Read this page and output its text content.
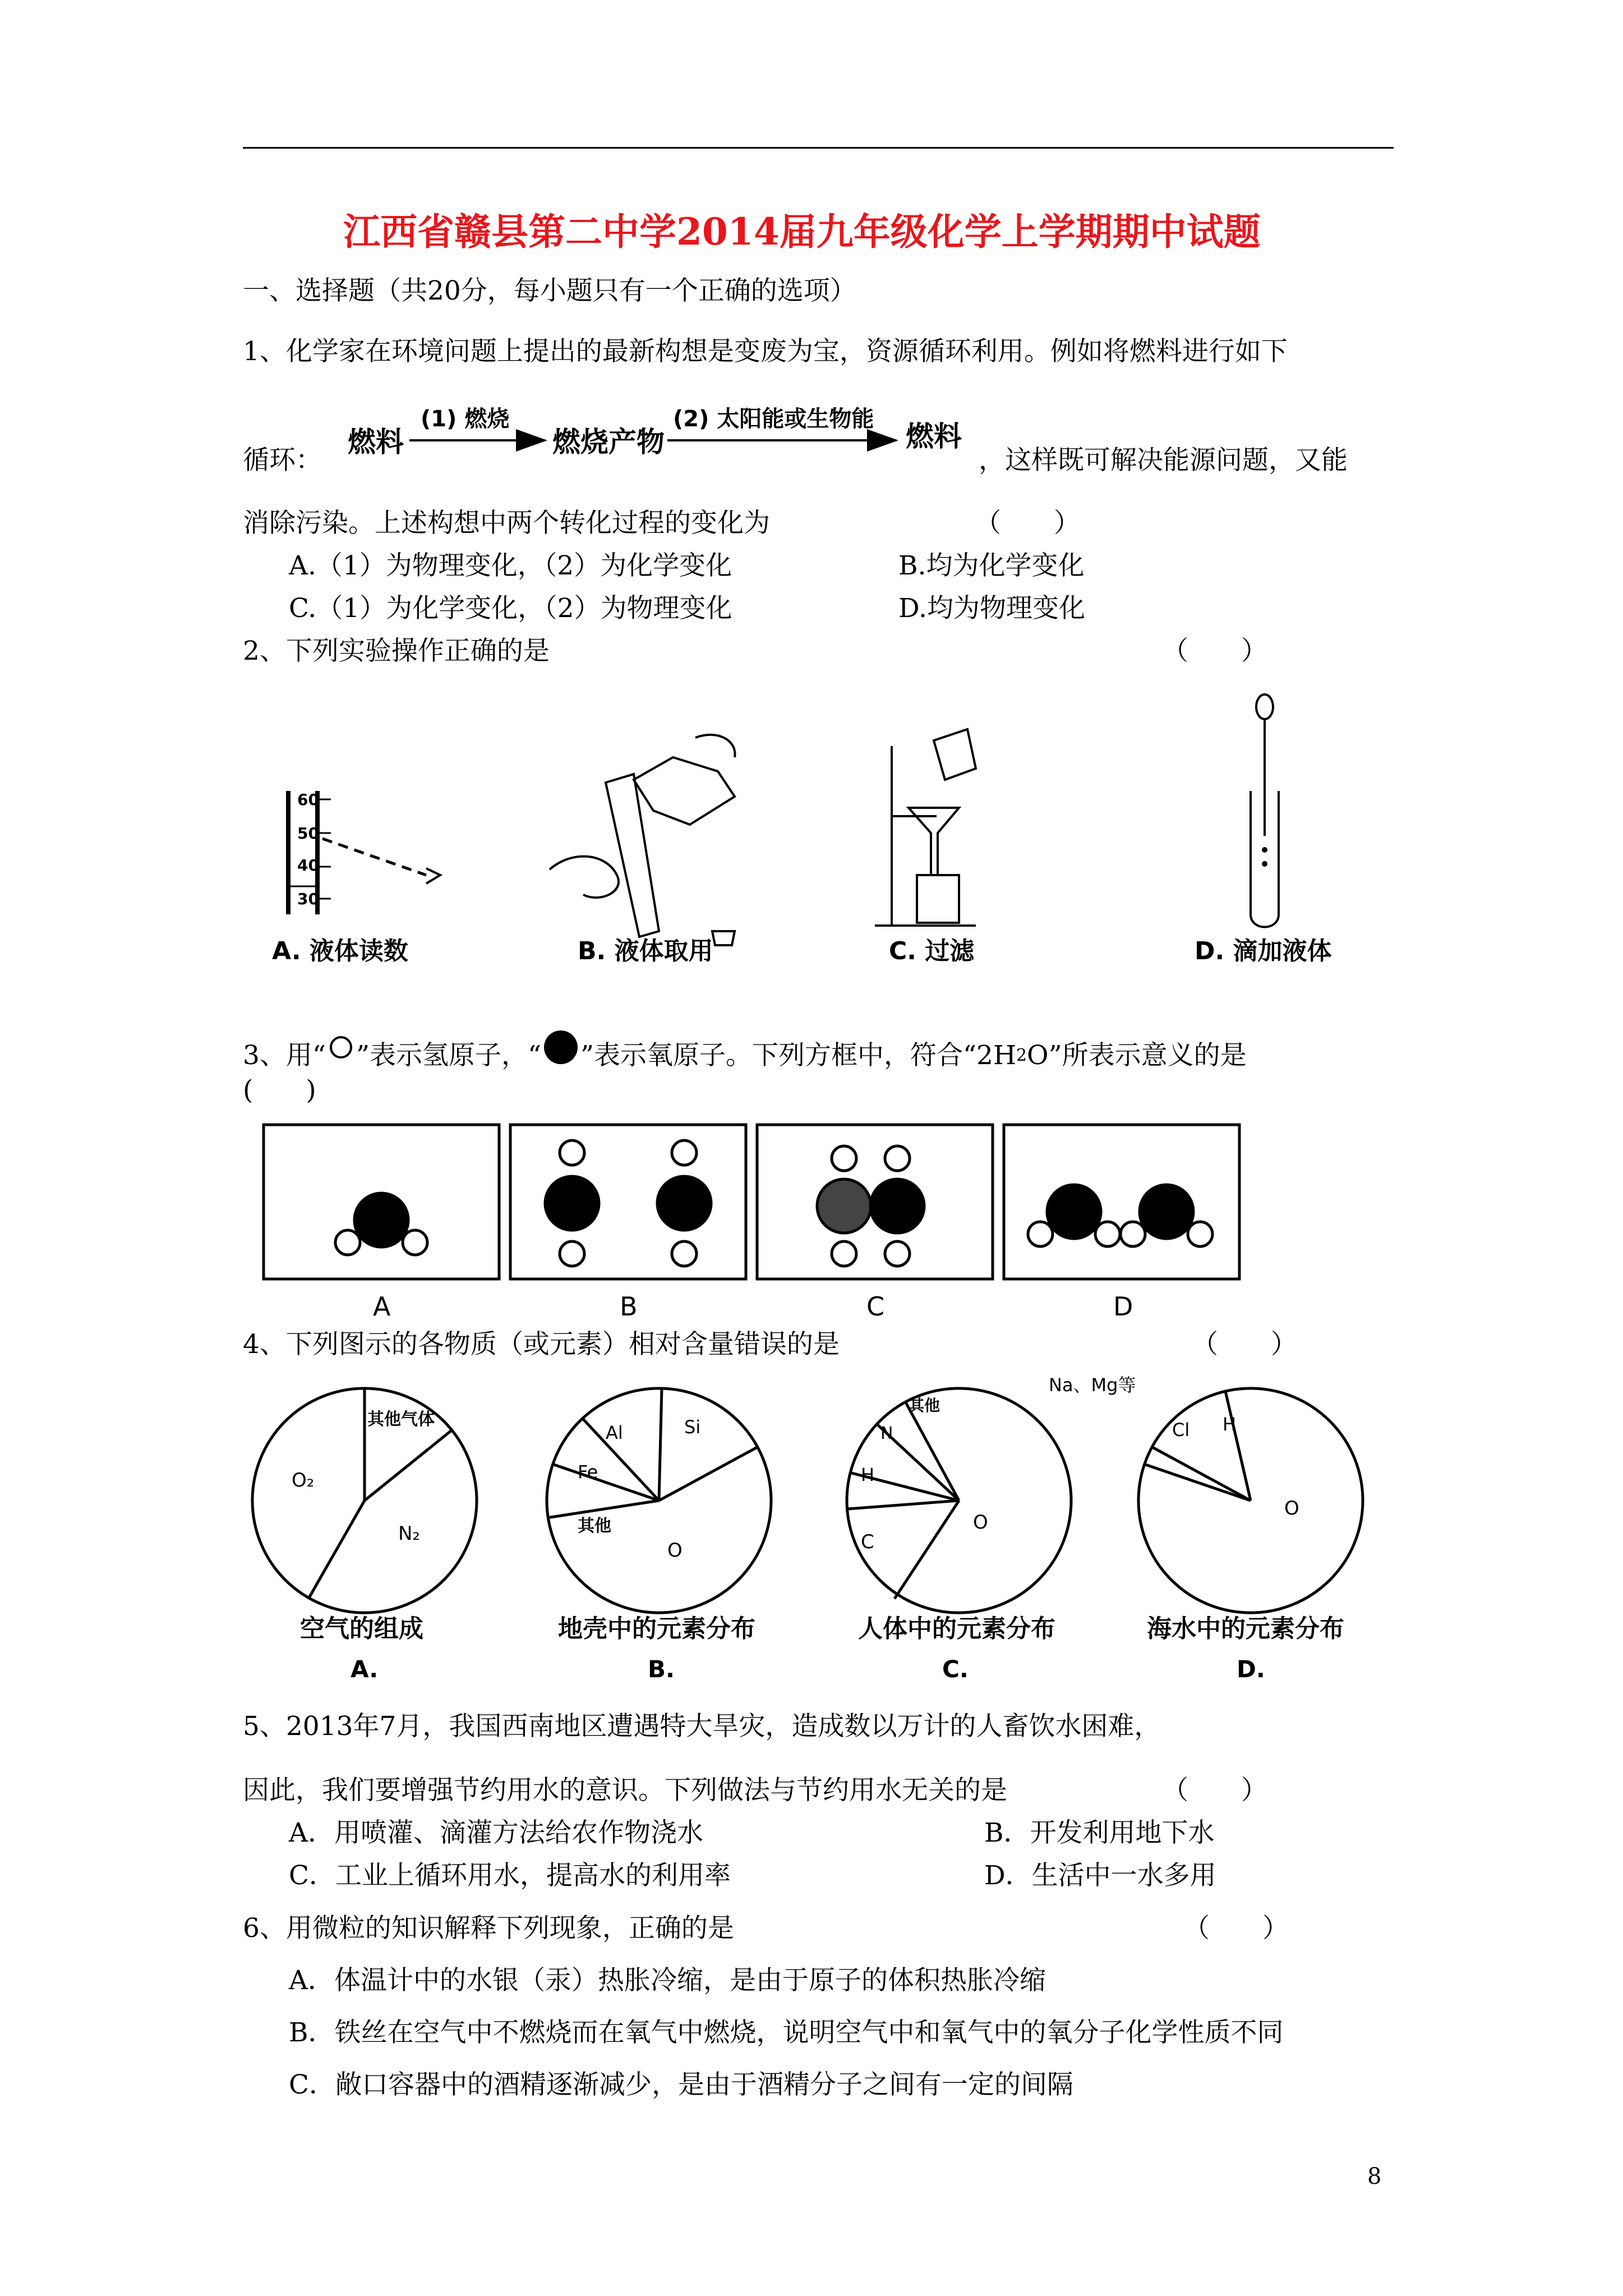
江西省赣县第二中学2014届九年级化学上学期期中试题
一、选择题（共20分，每小题只有一个正确的选项）
1、化学家在环境问题上提出的最新构想是变废为宝，资源循环利用。例如将燃料进行如下
循环：
燃料
(1) 燃烧
燃烧产物
(2) 太阳能或生物能
燃料
，这样既可解决能源问题，又能
消除污染。上述构想中两个转化过程的变化为	（　　）
A.（1）为物理变化，（2）为化学变化	B.均为化学变化
C.（1）为化学变化，（2）为物理变化	D.均为物理变化
2、下列实验操作正确的是	（　　）
60
50
40
30
A. 液体读数	B. 液体取用	C. 过滤	D. 滴加液体
3、用“ ”表示氢原子，“ ”表示氧原子。下列方框中，符合“2H 2 O”所表示意义的是
(　　)
A	B	C	D
4、下列图示的各物质（或元素）相对含量错误的是	（　　）
其他气体
O₂
N₂
Al	Si
Fe
其他
O
其他
N
H
C
O
Na、Mg等
Cl H
O
空气的组成
A.
地壳中的元素分布
B.
人体中的元素分布
C.
海水中的元素分布
D.
5、2013年7月，我国西南地区遭遇特大旱灾，造成数以万计的人畜饮水困难，
因此，我们要增强节约用水的意识。下列做法与节约用水无关的是	（　　）
A．用喷灌、滴灌方法给农作物浇水	B．开发利用地下水
C．工业上循环用水，提高水的利用率	D．生活中一水多用
6、用微粒的知识解释下列现象，正确的是	（　　）
A．体温计中的水银（汞）热胀冷缩，是由于原子的体积热胀冷缩
B．铁丝在空气中不燃烧而在氧气中燃烧，说明空气中和氧气中的氧分子化学性质不同
C．敞口容器中的酒精逐渐减少，是由于酒精分子之间有一定的间隔
8
